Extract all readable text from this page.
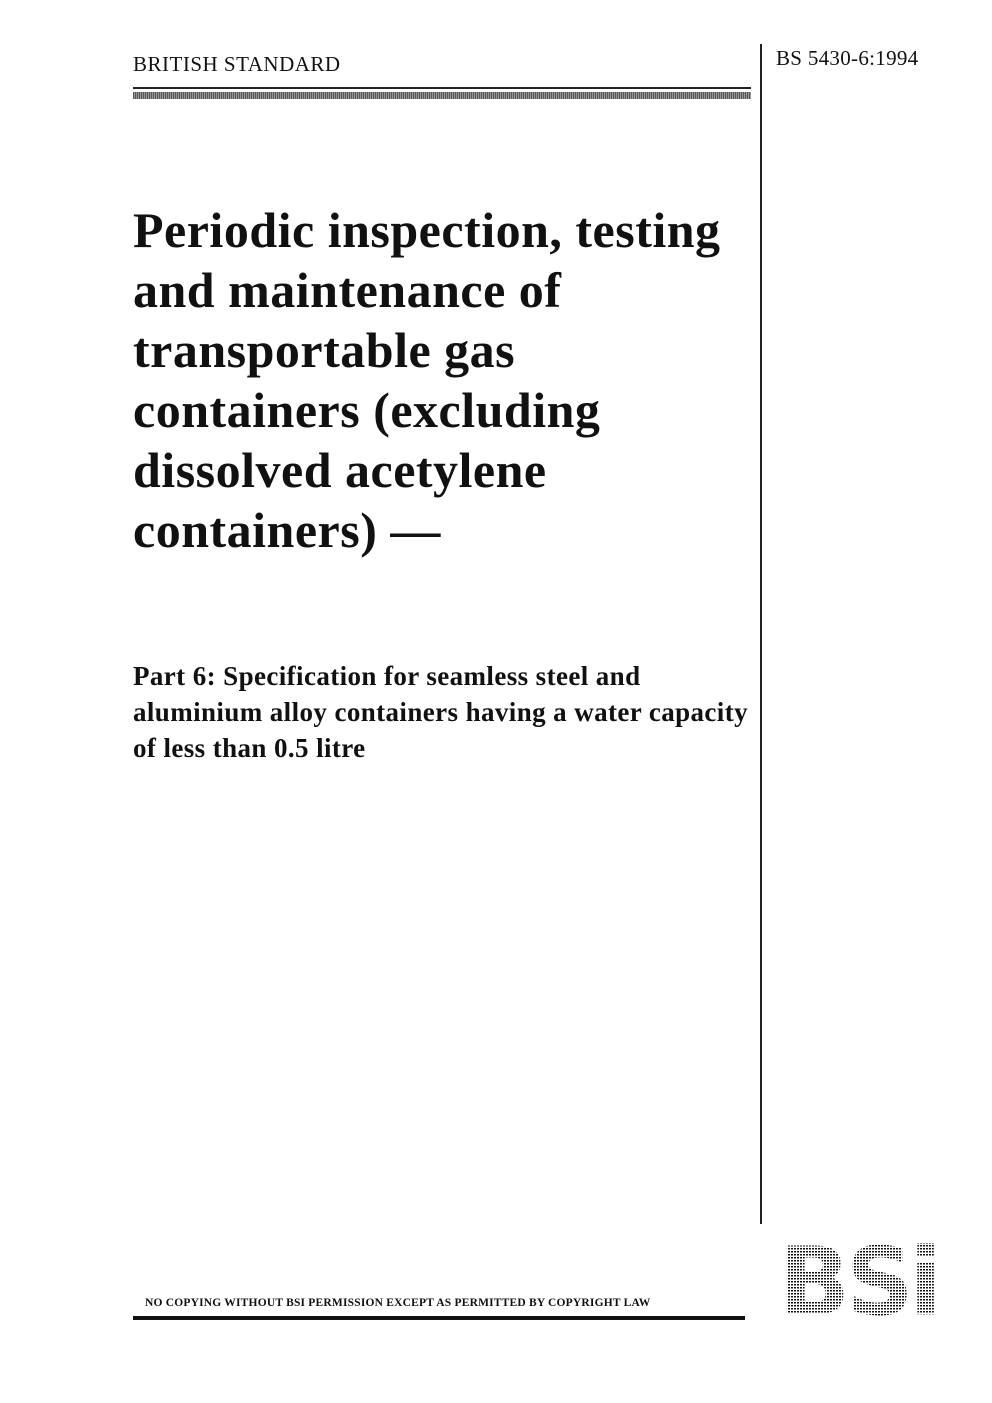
BRITISH STANDARD	BS 5430-6:1994
Periodic inspection, testing and maintenance of transportable gas containers (excluding dissolved acetylene containers) —
Part 6: Specification for seamless steel and aluminium alloy containers having a water capacity of less than 0.5 litre
NO COPYING WITHOUT BSI PERMISSION EXCEPT AS PERMITTED BY COPYRIGHT LAW BSi
